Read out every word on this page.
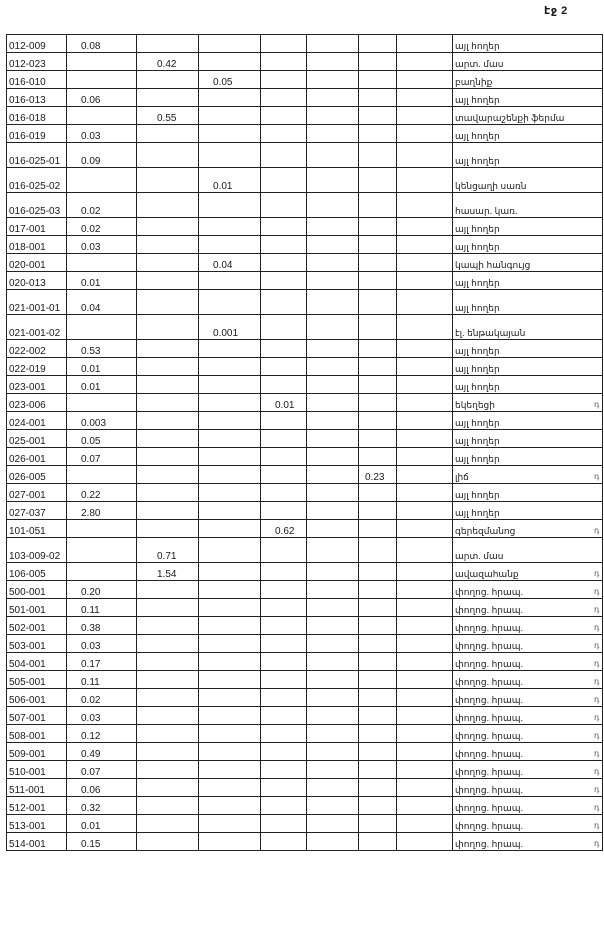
էջ 2
012-009	0.08							այլ հողեր
012-023		0.42						արտ. մաս
016-010			0.05					բաղնիք
016-013	0.06							այլ հողեր
016-018		0.55						տավարաշենքի ֆերմա
016-019	0.03							այլ հողեր
016-025-01	0.09							այլ հողեր
016-025-02			0.01					կենցաղի սառն
016-025-03	0.02							հասար. կառ.
017-001	0.02							այլ հողեր
018-001	0.03							այլ հողեր
020-001			0.04					կապի հանգույց
020-013	0.01							այլ հողեր
021-001-01	0.04							այլ հողեր
021-001-02			0.001					էլ. ենթակայան
022-002	0.53							այլ հողեր
022-019	0.01							այլ հողեր
023-001	0.01							այլ հողեր
023-006				0.01				եկեղեցի
024-001	0.003							այլ հողեր
025-001	0.05							այլ հողեր
026-001	0.07							այլ հողեր
026-005						0.23		լիճ
027-001	0.22							այլ հողեր
027-037	2.80							այլ հողեր
101-051				0.62				գերեզմանոց
103-009-02		0.71						արտ. մաս
106-005		1.54						ավազահանք
500-001	0.20							փողոց. հրապ.
501-001	0.11							փողոց. հրապ.
502-001	0.38							փողոց. հրապ.
503-001	0.03							փողոց. հրապ.
504-001	0.17							փողոց. հրապ.
505-001	0.11							փողոց. հրապ.
506-001	0.02							փողոց. հրապ.
507-001	0.03							փողոց. հրապ.
508-001	0.12							փողոց. հրապ.
509-001	0.49							փողոց. հրապ.
510-001	0.07							փողոց. հրապ.
511-001	0.06							փողոց. հրապ.
512-001	0.32							փողոց. հրապ.
513-001	0.01							փողոց. հրապ.
514-001	0.15							փողոց. հրապ.
դ
դ
դ
դ
դ
դ
դ
դ
դ
դ
դ
դ
դ
դ
դ
դ
դ
դ
դ
